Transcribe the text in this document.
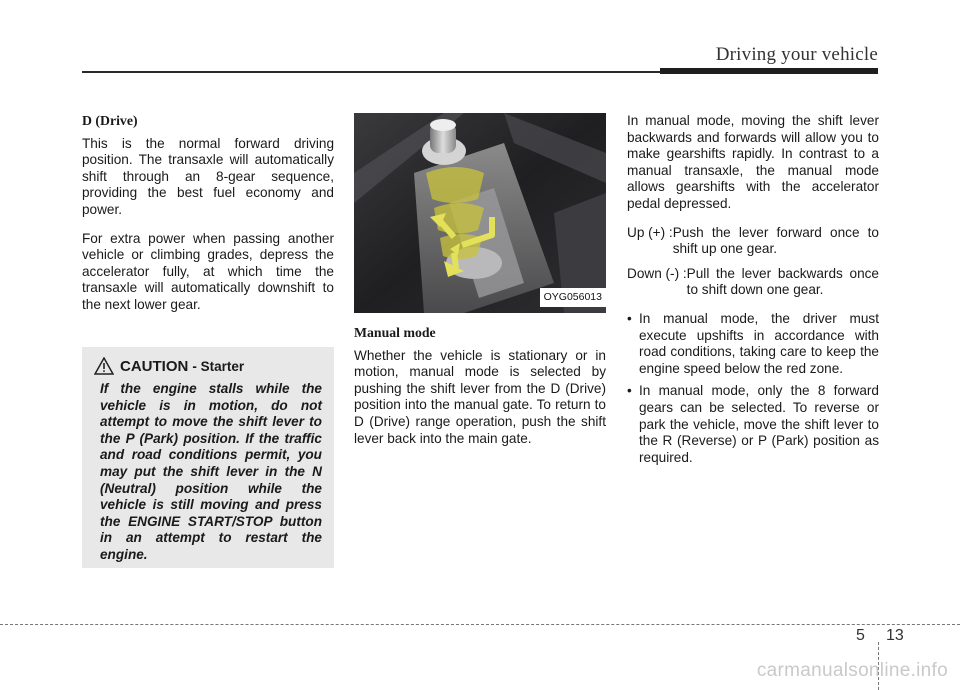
Driving your vehicle
D (Drive)

This is the normal forward driving position. The transaxle will automatically shift through an 8-gear sequence, providing the best fuel economy and power.

For extra power when passing another vehicle or climbing grades, depress the accelerator fully, at which time the transaxle will automatically downshift to the next lower gear.

CAUTION - Starter
If the engine stalls while the vehicle is in motion, do not attempt to move the shift lever to the P (Park) position. If the traffic and road conditions permit, you may put the shift lever in the N (Neutral) position while the vehicle is still moving and press the ENGINE START/STOP button in an attempt to restart the engine.
OYG056013
Manual mode

Whether the vehicle is stationary or in motion, manual mode is selected by pushing the shift lever from the D (Drive) position into the manual gate. To return to D (Drive) range operation, push the shift lever back into the main gate.

In manual mode, moving the shift lever backwards and forwards will allow you to make gearshifts rapidly. In contrast to a manual transaxle, the manual mode allows gearshifts with the accelerator pedal depressed.

Up (+) : Push the lever forward once to shift up one gear.
Down (-) : Pull the lever backwards once to shift down one gear.
• In manual mode, the driver must execute upshifts in accordance with road conditions, taking care to keep the engine speed below the red zone.
• In manual mode, only the 8 forward gears can be selected. To reverse or park the vehicle, move the shift lever to the R (Reverse) or P (Park) position as required.
5 13
carmanualsonline.info
